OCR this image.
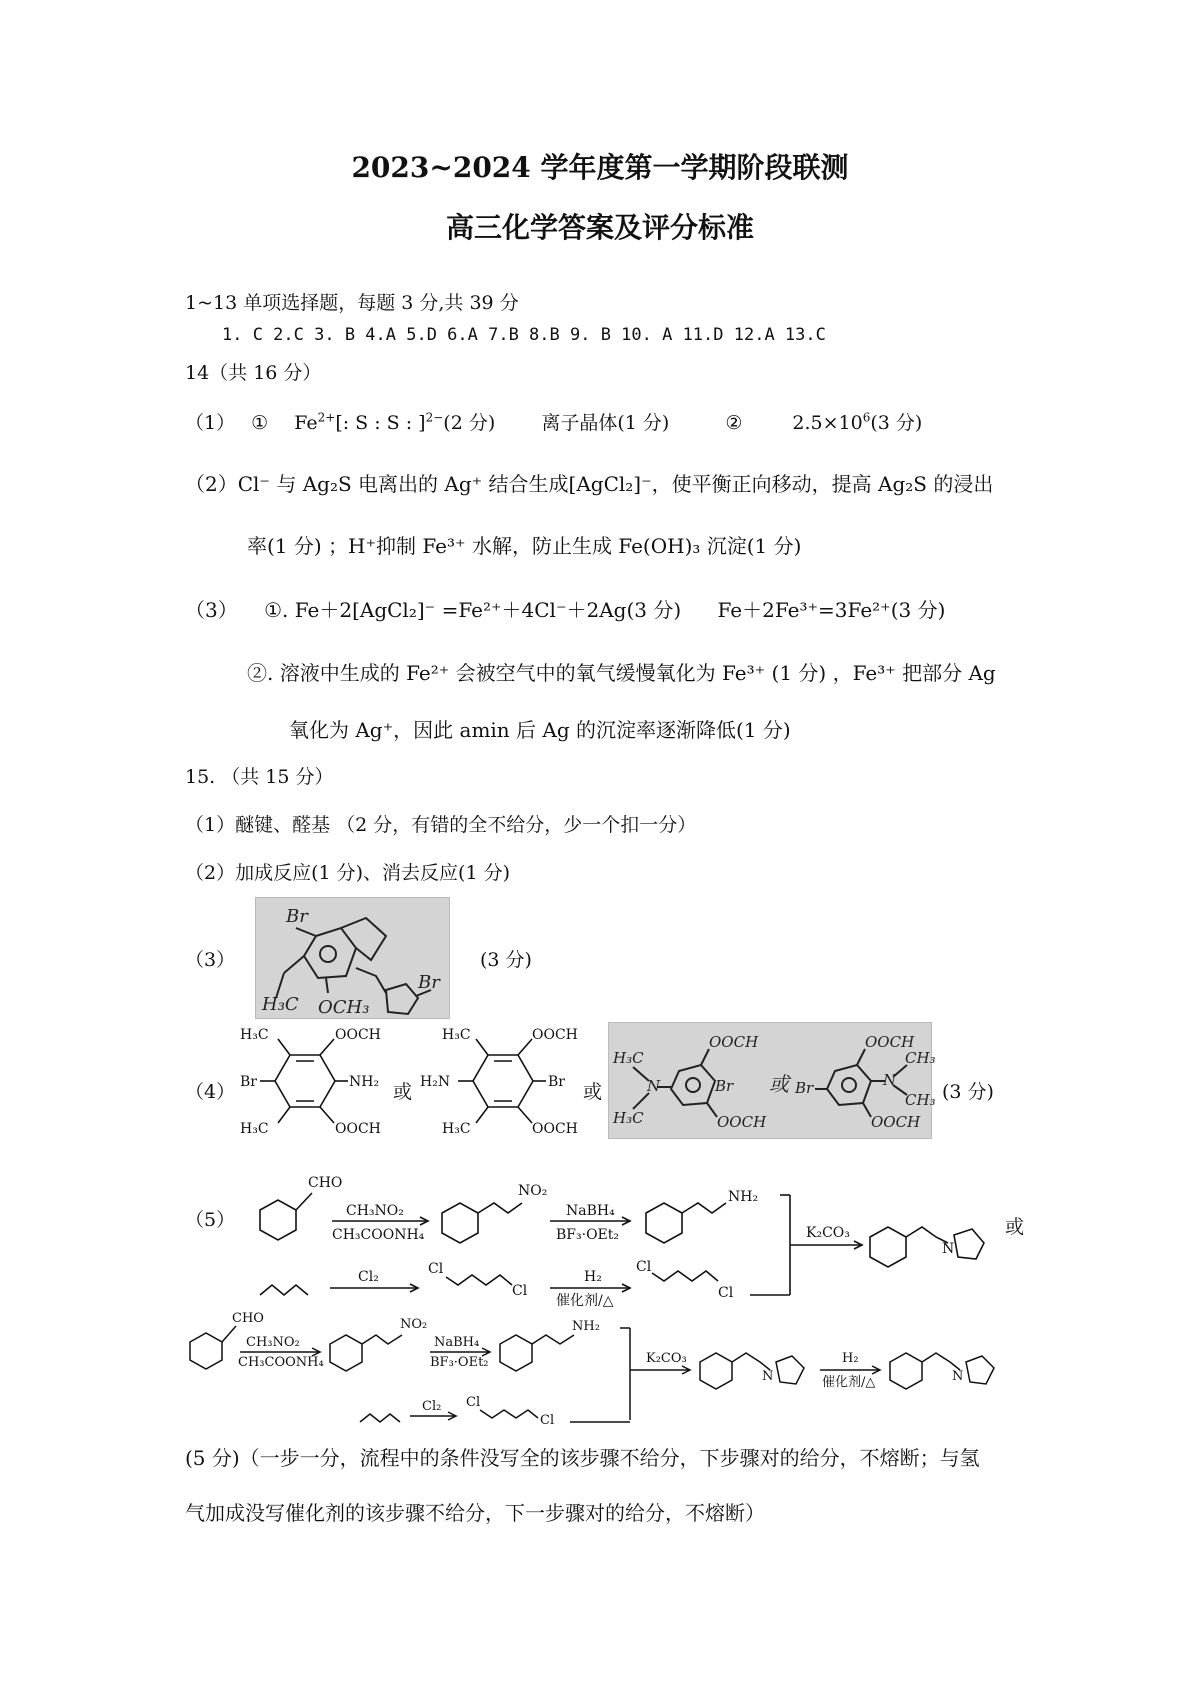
2023~2024 学年度第一学期阶段联测
高三化学答案及评分标准
1~13 单项选择题，每题 3 分,共 39 分
1. C 2.C 3. B 4.A 5.D 6.A 7.B 8.B 9. B 10. A 11.D 12.A 13.C
14（共 16 分）
（1） ① $Fe^{2+}$[: S : S : ]$^{2-}$(2 分) 离子晶体(1 分)	②	$2.5\times 10^6(3$ 分)
（2）Cl⁻ 与 Ag₂S 电离出的 Ag⁺ 结合生成[AgCl₂]⁻，使平衡正向移动，提高 Ag₂S 的浸出
率(1 分) ；H⁺抑制 Fe³⁺ 水解，防止生成 Fe(OH)₃ 沉淀(1 分)
（3） ①. Fe＋2[AgCl₂]⁻ =Fe²⁺＋4Cl⁻＋2Ag(3 分) Fe＋2Fe³⁺=3Fe²⁺(3 分)
②. 溶液中生成的 Fe²⁺ 会被空气中的氧气缓慢氧化为 Fe³⁺ (1 分) ，Fe³⁺ 把部分 Ag
氧化为 Ag⁺，因此 amin 后 Ag 的沉淀率逐渐降低(1 分)
15. （共 15 分）
（1）醚键、醛基 （2 分，有错的全不给分，少一个扣一分）
（2）加成反应(1 分)、消去反应(1 分)
（3）
Br
H₃C OCH₃
Br
(3 分)
（4）
H₃C
Br
H₃C
OOCH
NH₂
OOCH
或
H₃C
H₂N
H₃C
OOCH
Br
OOCH
或
H₃C
N
H₃C
OOCH
Br
OOCH
或 Br
OOCH
N
CH₃
CH₃
OOCH
(3 分)
（5）
CHO
CH₃NO₂
CH₃COONH₄
NO₂
NaBH₄
BF₃·OEt₂
NH₂
K₂CO₃
N
Cl₂	Cl
Cl
H₂
催化剂/△
Cl
Cl
或
CHO
CH₃NO₂
CH₃COONH₄
NO₂
NaBH₄
BF₃·OEt₂
NH₂
K₂CO₃
N
H₂
催化剂/△	N
Cl₂ Cl
Cl
(5 分)（一步一分，流程中的条件没写全的该步骤不给分，下步骤对的给分，不熔断；与氢
气加成没写催化剂的该步骤不给分，下一步骤对的给分，不熔断）
